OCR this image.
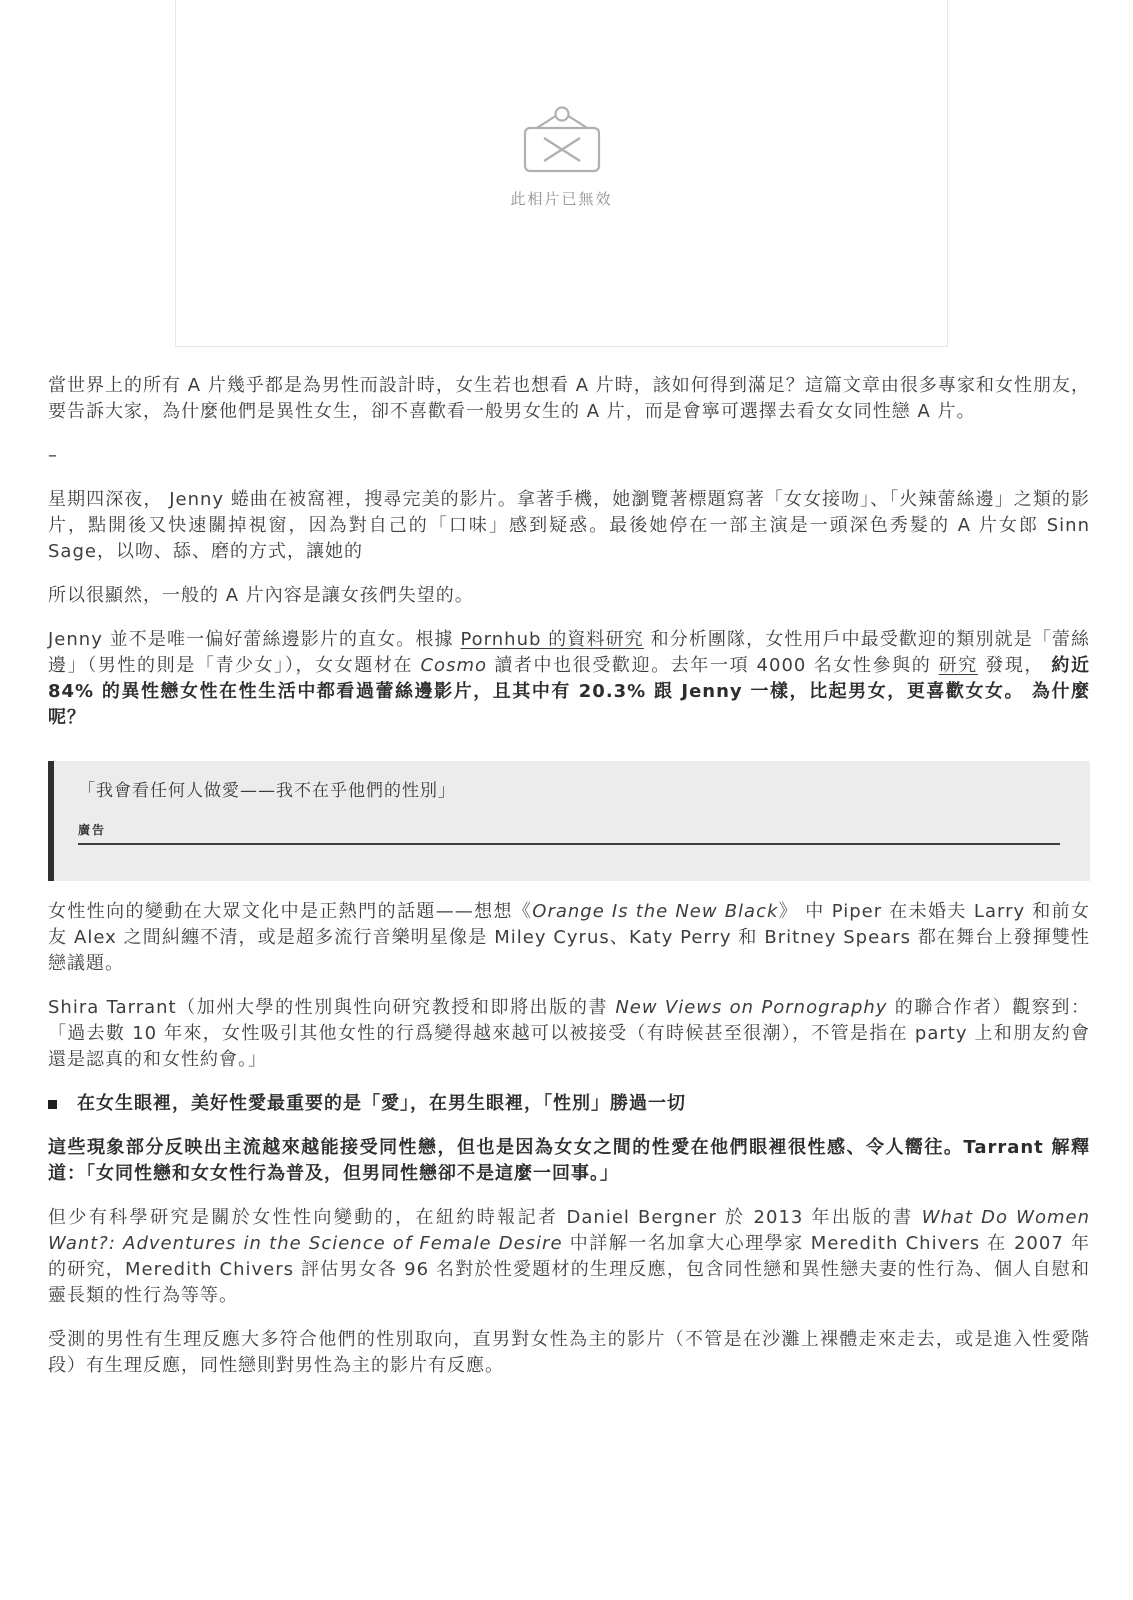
此相片已無效

當世界上的所有 A 片幾乎都是為男性而設計時，女生若也想看 A 片時，該如何得到滿足？這篇文章由很多專家和女性朋友，要告訴大家，為什麼他們是異性女生，卻不喜歡看一般男女生的 A 片，而是會寧可選擇去看女女同性戀 A 片。

–

星期四深夜， Jenny 蜷曲在被窩裡，搜尋完美的影片。拿著手機，她瀏覽著標題寫著「女女接吻」、「火辣蕾絲邊」之類的影片，點開後又快速關掉視窗，因為對自己的「口味」感到疑惑。最後她停在一部主演是一頭深色秀髮的 A 片女郎 Sinn Sage，以吻、舔、磨的方式，讓她的

所以很顯然，一般的 A 片內容是讓女孩們失望的。

Jenny 並不是唯一偏好蕾絲邊影片的直女。根據 Pornhub 的資料研究 和分析團隊，女性用戶中最受歡迎的類別就是「蕾絲邊」（男性的則是「青少女」），女女題材在 Cosmo 讀者中也很受歡迎。去年一項 4000 名女性參與的 研究 發現， 約近 84% 的異性戀女性在性生活中都看過蕾絲邊影片，且其中有 20.3% 跟 Jenny 一樣，比起男女，更喜歡女女。 為什麼呢？

「我會看任何人做愛——我不在乎他們的性別」

廣告

女性性向的變動在大眾文化中是正熱門的話題——想想《Orange Is the New Black》 中 Piper 在未婚夫 Larry 和前女友 Alex 之間糾纏不清，或是超多流行音樂明星像是 Miley Cyrus、Katy Perry 和 Britney Spears 都在舞台上發揮雙性戀議題。

Shira Tarrant（加州大學的性別與性向研究教授和即將出版的書 New Views on Pornography 的聯合作者）觀察到：「過去數 10 年來，女性吸引其他女性的行爲變得越來越可以被接受（有時候甚至很潮），不管是指在 party 上和朋友約會還是認真的和女性約會。」

在女生眼裡，美好性愛最重要的是「愛」，在男生眼裡，「性別」勝過一切

這些現象部分反映出主流越來越能接受同性戀，但也是因為女女之間的性愛在他們眼裡很性感、令人嚮往。Tarrant 解釋道：「女同性戀和女女性行為普及，但男同性戀卻不是這麼一回事。」

但少有科學研究是關於女性性向變動的，在紐約時報記者 Daniel Bergner 於 2013 年出版的書 What Do Women Want?: Adventures in the Science of Female Desire 中詳解一名加拿大心理學家 Meredith Chivers 在 2007 年的研究，Meredith Chivers 評估男女各 96 名對於性愛題材的生理反應，包含同性戀和異性戀夫妻的性行為、個人自慰和靈長類的性行為等等。

受測的男性有生理反應大多符合他們的性別取向，直男對女性為主的影片（不管是在沙灘上裸體走來走去，或是進入性愛階段）有生理反應，同性戀則對男性為主的影片有反應。
